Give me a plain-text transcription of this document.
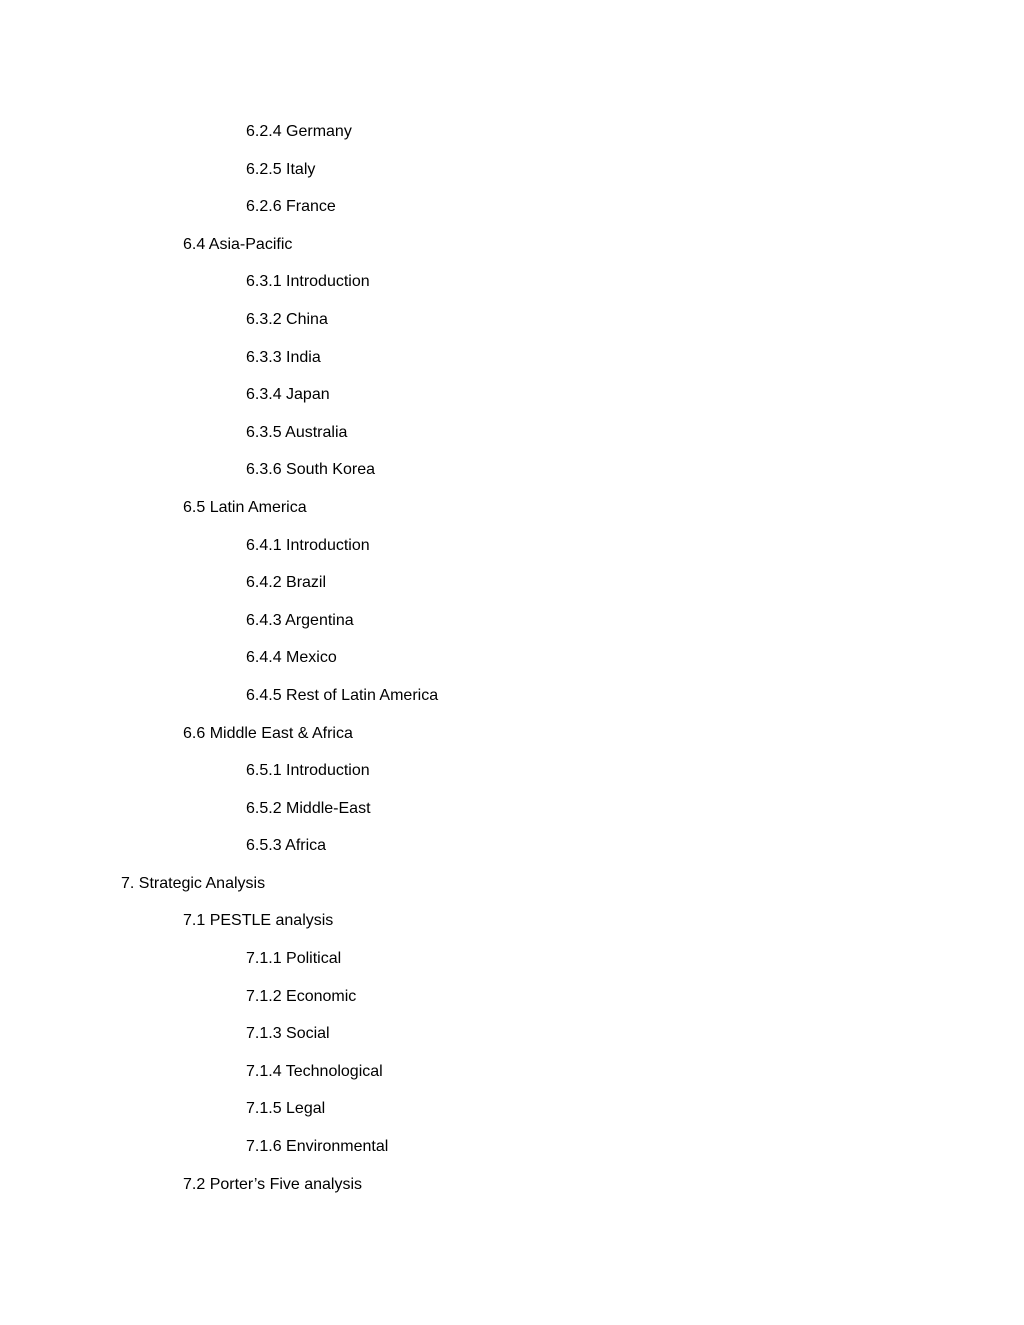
6.2.4 Germany
6.2.5 Italy
6.2.6 France
6.4 Asia-Pacific
6.3.1 Introduction
6.3.2 China
6.3.3 India
6.3.4 Japan
6.3.5 Australia
6.3.6 South Korea
6.5 Latin America
6.4.1 Introduction
6.4.2 Brazil
6.4.3 Argentina
6.4.4 Mexico
6.4.5 Rest of Latin America
6.6 Middle East & Africa
6.5.1 Introduction
6.5.2 Middle-East
6.5.3 Africa
7. Strategic Analysis
7.1 PESTLE analysis
7.1.1 Political
7.1.2 Economic
7.1.3 Social
7.1.4 Technological
7.1.5 Legal
7.1.6 Environmental
7.2 Porter’s Five analysis
